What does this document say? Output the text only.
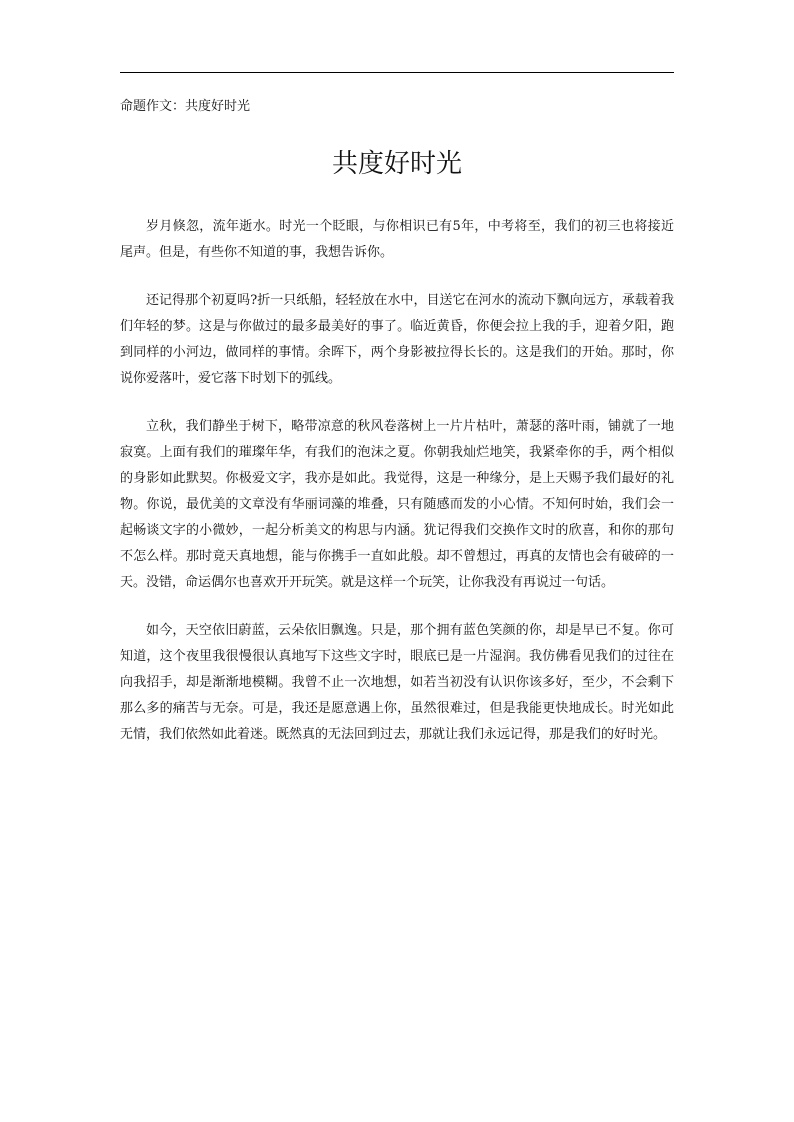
命题作文：共度好时光
共度好时光

岁月倏忽，流年逝水。时光一个眨眼，与你相识已有5年，中考将至，我们的初三也将接近尾声。但是，有些你不知道的事，我想告诉你。

还记得那个初夏吗?折一只纸船，轻轻放在水中，目送它在河水的流动下飘向远方，承载着我们年轻的梦。这是与你做过的最多最美好的事了。临近黄昏，你便会拉上我的手，迎着夕阳，跑到同样的小河边，做同样的事情。余晖下，两个身影被拉得长长的。这是我们的开始。那时，你说你爱落叶，爱它落下时划下的弧线。

立秋，我们静坐于树下，略带凉意的秋风卷落树上一片片枯叶，萧瑟的落叶雨，铺就了一地寂寞。上面有我们的璀璨年华，有我们的泡沫之夏。你朝我灿烂地笑，我紧牵你的手，两个相似的身影如此默契。你极爱文字，我亦是如此。我觉得，这是一种缘分，是上天赐予我们最好的礼物。你说，最优美的文章没有华丽词藻的堆叠，只有随感而发的小心情。不知何时始，我们会一起畅谈文字的小微妙，一起分析美文的构思与内涵。犹记得我们交换作文时的欣喜，和你的那句不怎么样。那时竟天真地想，能与你携手一直如此般。却不曾想过，再真的友情也会有破碎的一天。没错，命运偶尔也喜欢开开玩笑。就是这样一个玩笑，让你我没有再说过一句话。

如今，天空依旧蔚蓝，云朵依旧飘逸。只是，那个拥有蓝色笑颜的你，却是早已不复。你可知道，这个夜里我很慢很认真地写下这些文字时，眼底已是一片湿润。我仿佛看见我们的过往在向我招手，却是渐渐地模糊。我曾不止一次地想，如若当初没有认识你该多好，至少，不会剩下那么多的痛苦与无奈。可是，我还是愿意遇上你，虽然很难过，但是我能更快地成长。时光如此无情，我们依然如此着迷。既然真的无法回到过去，那就让我们永远记得，那是我们的好时光。
